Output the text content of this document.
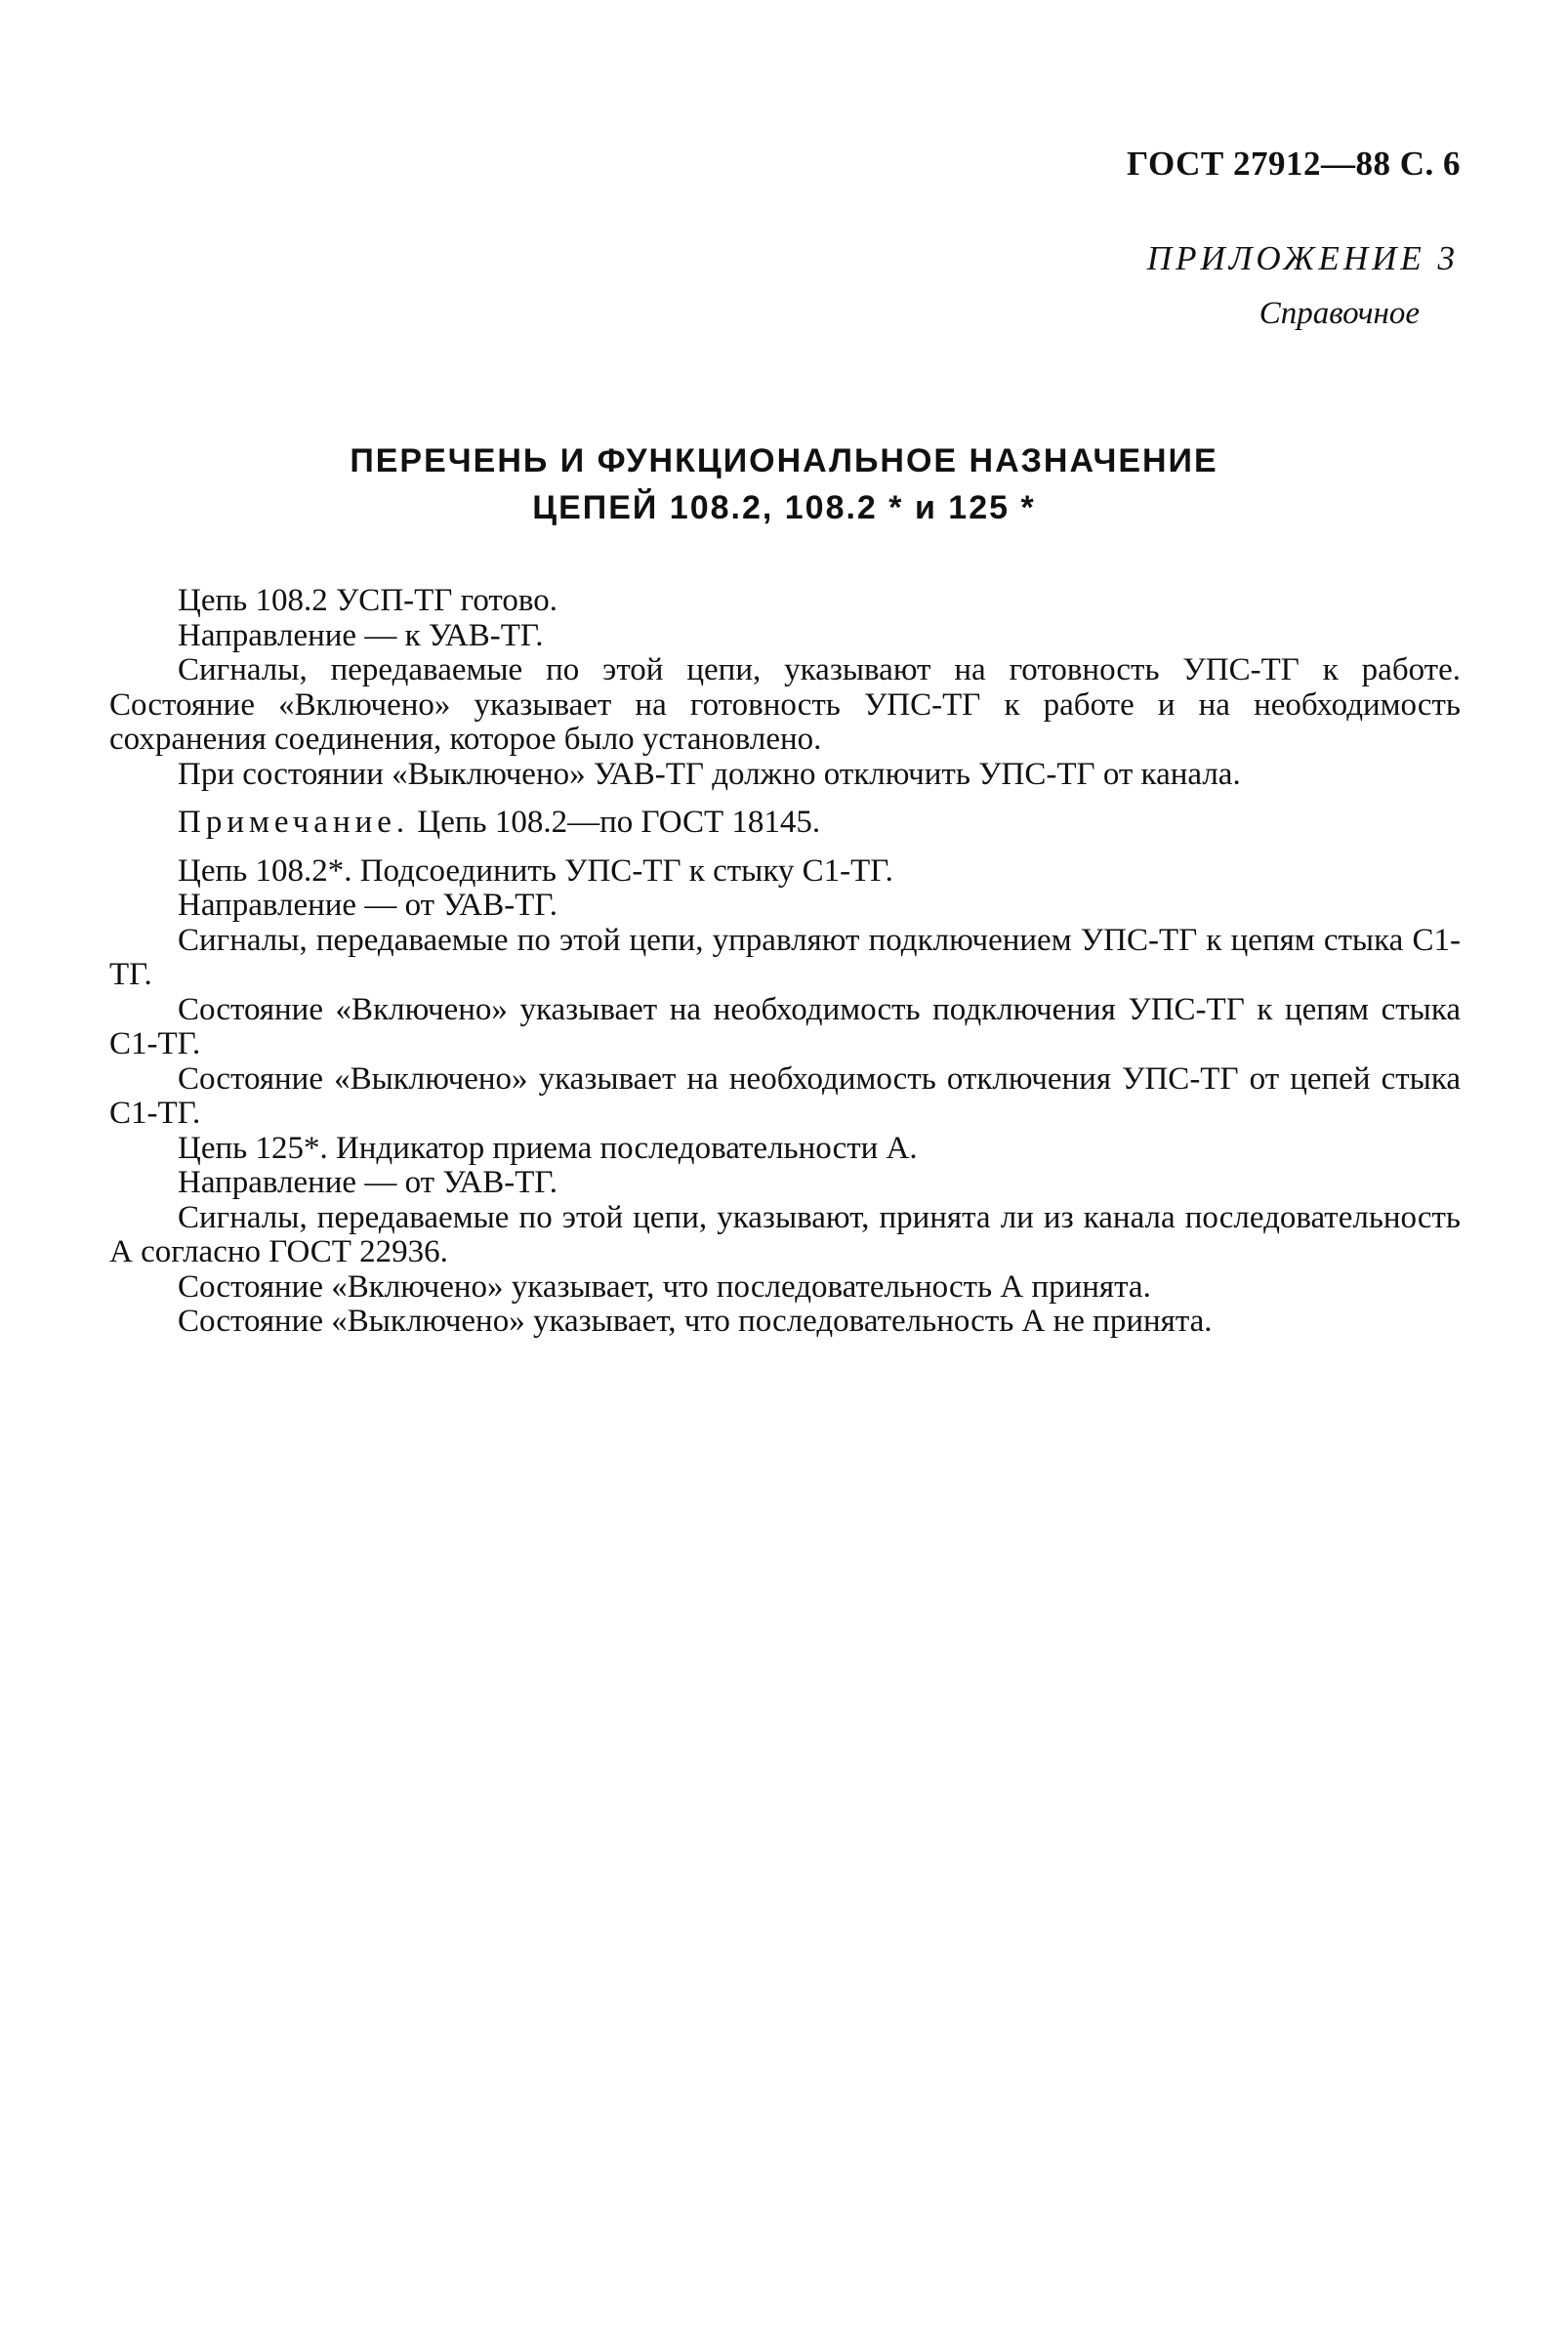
ГОСТ 27912—88 С. 6
ПРИЛОЖЕНИЕ 3
Справочное
ПЕРЕЧЕНЬ И ФУНКЦИОНАЛЬНОЕ НАЗНАЧЕНИЕ
ЦЕПЕЙ 108.2, 108.2 * и 125 *

Цепь 108.2 УСП-ТГ готово.

Направление — к УАВ-ТГ.

Сигналы, передаваемые по этой цепи, указывают на готовность УПС-ТГ к работе. Состояние «Включено» указывает на готовность УПС-ТГ к работе и на необходимость сохранения соединения, которое было установлено.

При состоянии «Выключено» УАВ-ТГ должно отключить УПС-ТГ от канала.

Примечание. Цепь 108.2—по ГОСТ 18145.

Цепь 108.2*. Подсоединить УПС-ТГ к стыку С1-ТГ.

Направление — от УАВ-ТГ.

Сигналы, передаваемые по этой цепи, управляют подключением УПС-ТГ к цепям стыка С1-ТГ.

Состояние «Включено» указывает на необходимость подключения УПС-ТГ к цепям стыка С1-ТГ.

Состояние «Выключено» указывает на необходимость отключения УПС-ТГ от цепей стыка С1-ТГ.

Цепь 125*. Индикатор приема последовательности А.

Направление — от УАВ-ТГ.

Сигналы, передаваемые по этой цепи, указывают, принята ли из канала последовательность А согласно ГОСТ 22936.

Состояние «Включено» указывает, что последовательность А принята.

Состояние «Выключено» указывает, что последовательность А не принята.
